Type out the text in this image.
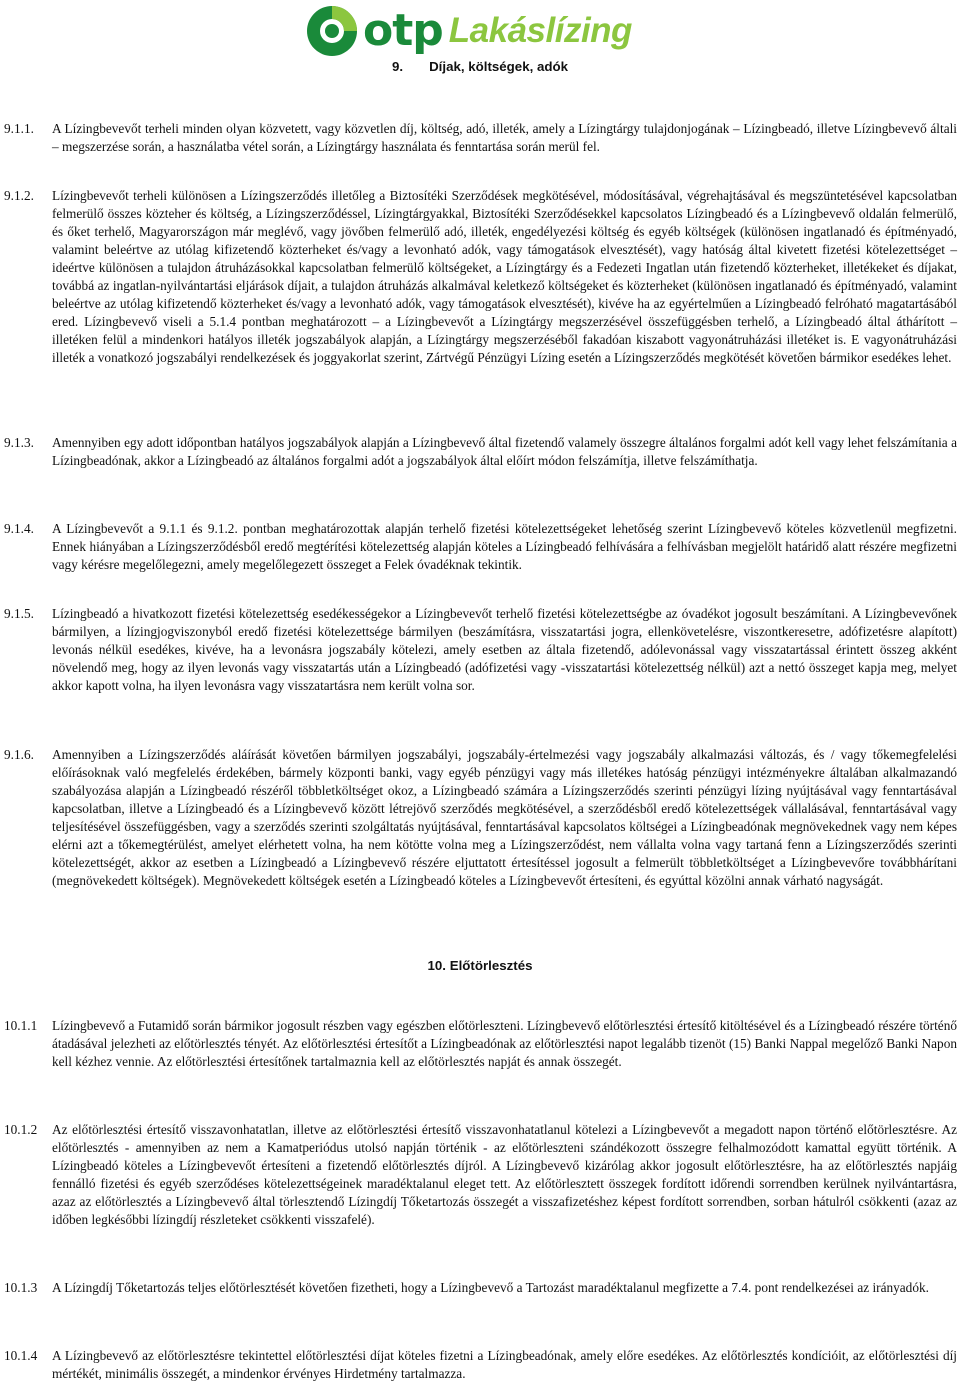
otp Lakáslízing
9. Díjak, költségek, adók
9.1.1. A Lízingbevevőt terheli minden olyan közvetett, vagy közvetlen díj, költség, adó, illeték, amely a Lízingtárgy tulajdonjogának – Lízingbeadó, illetve Lízingbevevő általi – megszerzése során, a használatba vétel során, a Lízingtárgy használata és fenntartása során merül fel.
9.1.2. Lízingbevevőt terheli különösen a Lízingszerződés illetőleg a Biztosítéki Szerződések megkötésével, módosításával, végrehajtásával és megszüntetésével kapcsolatban felmerülő összes közteher és költség, a Lízingszerződéssel, Lízingtárgyakkal, Biztosítéki Szerződésekkel kapcsolatos Lízingbeadó és a Lízingbevevő oldalán felmerülő, és őket terhelő, Magyarországon már meglévő, vagy jövőben felmerülő adó, illeték, engedélyezési költség és egyéb költségek (különösen ingatlanadó és építményadó, valamint beleértve az utólag kifizetendő közterheket és/vagy a levonható adók, vagy támogatások elvesztését), vagy hatóság által kivetett fizetési kötelezettséget – ideértve különösen a tulajdon átruházásokkal kapcsolatban felmerülő költségeket, a Lízingtárgy és a Fedezeti Ingatlan után fizetendő közterheket, illetékeket és díjakat, továbbá az ingatlan-nyilvántartási eljárások díjait, a tulajdon átruházás alkalmával keletkező költségeket és közterheket (különösen ingatlanadó és építményadó, valamint beleértve az utólag kifizetendő közterheket és/vagy a levonható adók, vagy támogatások elvesztését), kivéve ha az egyértelműen a Lízingbeadó felróható magatartásából ered. Lízingbevevő viseli a 5.1.4 pontban meghatározott – a Lízingbevevőt a Lízingtárgy megszerzésével összefüggésben terhelő, a Lízingbeadó által áthárított – illetéken felül a mindenkori hatályos illeték jogszabályok alapján, a Lízingtárgy megszerzéséből fakadóan kiszabott vagyonátruházási illetéket is. E vagyonátruházási illeték a vonatkozó jogszabályi rendelkezések és joggyakorlat szerint, Zártvégű Pénzügyi Lízing esetén a Lízingszerződés megkötését követően bármikor esedékes lehet.
9.1.3. Amennyiben egy adott időpontban hatályos jogszabályok alapján a Lízingbevevő által fizetendő valamely összegre általános forgalmi adót kell vagy lehet felszámítania a Lízingbeadónak, akkor a Lízingbeadó az általános forgalmi adót a jogszabályok által előírt módon felszámítja, illetve felszámíthatja.
9.1.4. A Lízingbevevőt a 9.1.1 és 9.1.2. pontban meghatározottak alapján terhelő fizetési kötelezettségeket lehetőség szerint Lízingbevevő köteles közvetlenül megfizetni. Ennek hiányában a Lízingszerződésből eredő megtérítési kötelezettség alapján köteles a Lízingbeadó felhívására a felhívásban megjelölt határidő alatt részére megfizetni vagy kérésre megelőlegezni, amely megelőlegezett összeget a Felek óvadéknak tekintik.
9.1.5. Lízingbeadó a hivatkozott fizetési kötelezettség esedékességekor a Lízingbevevőt terhelő fizetési kötelezettségbe az óvadékot jogosult beszámítani. A Lízingbevevőnek bármilyen, a lízingjogviszonyból eredő fizetési kötelezettsége bármilyen (beszámításra, visszatartási jogra, ellenkövetelésre, viszontkeresetre, adófizetésre alapított) levonás nélkül esedékes, kivéve, ha a levonásra jogszabály kötelezi, amely esetben az általa fizetendő, adólevonással vagy visszatartással érintett összeg akként növelendő meg, hogy az ilyen levonás vagy visszatartás után a Lízingbeadó (adófizetési vagy -visszatartási kötelezettség nélkül) azt a nettó összeget kapja meg, melyet akkor kapott volna, ha ilyen levonásra vagy visszatartásra nem került volna sor.
9.1.6. Amennyiben a Lízingszerződés aláírását követően bármilyen jogszabályi, jogszabály-értelmezési vagy jogszabály alkalmazási változás, és / vagy tőkemegfelelési előírásoknak való megfelelés érdekében, bármely központi banki, vagy egyéb pénzügyi vagy más illetékes hatóság pénzügyi intézményekre általában alkalmazandó szabályozása alapján a Lízingbeadó részéről többletköltséget okoz, a Lízingbeadó számára a Lízingszerződés szerinti pénzügyi lízing nyújtásával vagy fenntartásával kapcsolatban, illetve a Lízingbeadó és a Lízingbevevő között létrejövő szerződés megkötésével, a szerződésből eredő kötelezettségek vállalásával, fenntartásával vagy teljesítésével összefüggésben, vagy a szerződés szerinti szolgáltatás nyújtásával, fenntartásával kapcsolatos költségei a Lízingbeadónak megnövekednek vagy nem képes elérni azt a tőkemegtérülést, amelyet elérhetett volna, ha nem kötötte volna meg a Lízingszerződést, nem vállalta volna vagy tartaná fenn a Lízingszerződés szerinti kötelezettségét, akkor az esetben a Lízingbeadó a Lízingbevevő részére eljuttatott értesítéssel jogosult a felmerült többletköltséget a Lízingbevevőre továbbhárítani (megnövekedett költségek). Megnövekedett költségek esetén a Lízingbeadó köteles a Lízingbevevőt értesíteni, és egyúttal közölni annak várható nagyságát.
10. Előtörlesztés
10.1.1 Lízingbevevő a Futamidő során bármikor jogosult részben vagy egészben előtörleszteni. Lízingbevevő előtörlesztési értesítő kitöltésével és a Lízingbeadó részére történő átadásával jelezheti az előtörlesztés tényét. Az előtörlesztési értesítőt a Lízingbeadónak az előtörlesztési napot legalább tizenöt (15) Banki Nappal megelőző Banki Napon kell kézhez vennie. Az előtörlesztési értesítőnek tartalmaznia kell az előtörlesztés napját és annak összegét.
10.1.2 Az előtörlesztési értesítő visszavonhatatlan, illetve az előtörlesztési értesítő visszavonhatatlanul kötelezi a Lízingbevevőt a megadott napon történő előtörlesztésre. Az előtörlesztés - amennyiben az nem a Kamatperiódus utolsó napján történik - az előtörleszteni szándékozott összegre felhalmozódott kamattal együtt történik. A Lízingbeadó köteles a Lízingbevevőt értesíteni a fizetendő előtörlesztés díjról. A Lízingbevevő kizárólag akkor jogosult előtörlesztésre, ha az előtörlesztés napjáig fennálló fizetési és egyéb szerződéses kötelezettségeinek maradéktalanul eleget tett. Az előtörlesztett összegek fordított időrendi sorrendben kerülnek nyilvántartásra, azaz az előtörlesztés a Lízingbevevő által törlesztendő Lízingdíj Tőketartozás összegét a visszafizetéshez képest fordított sorrendben, sorban hátulról csökkenti (azaz az időben legkésőbbi lízingdíj részleteket csökkenti visszafelé).
10.1.3 A Lízingdíj Tőketartozás teljes előtörlesztését követően fizetheti, hogy a Lízingbevevő a Tartozást maradéktalanul megfizette a 7.4. pont rendelkezései az irányadók.
10.1.4 A Lízingbevevő az előtörlesztésre tekintettel előtörlesztési díjat köteles fizetni a Lízingbeadónak, amely előre esedékes. Az előtörlesztés kondícióit, az előtörlesztési díj mértékét, minimális összegét, a mindenkor érvényes Hirdetmény tartalmazza.
